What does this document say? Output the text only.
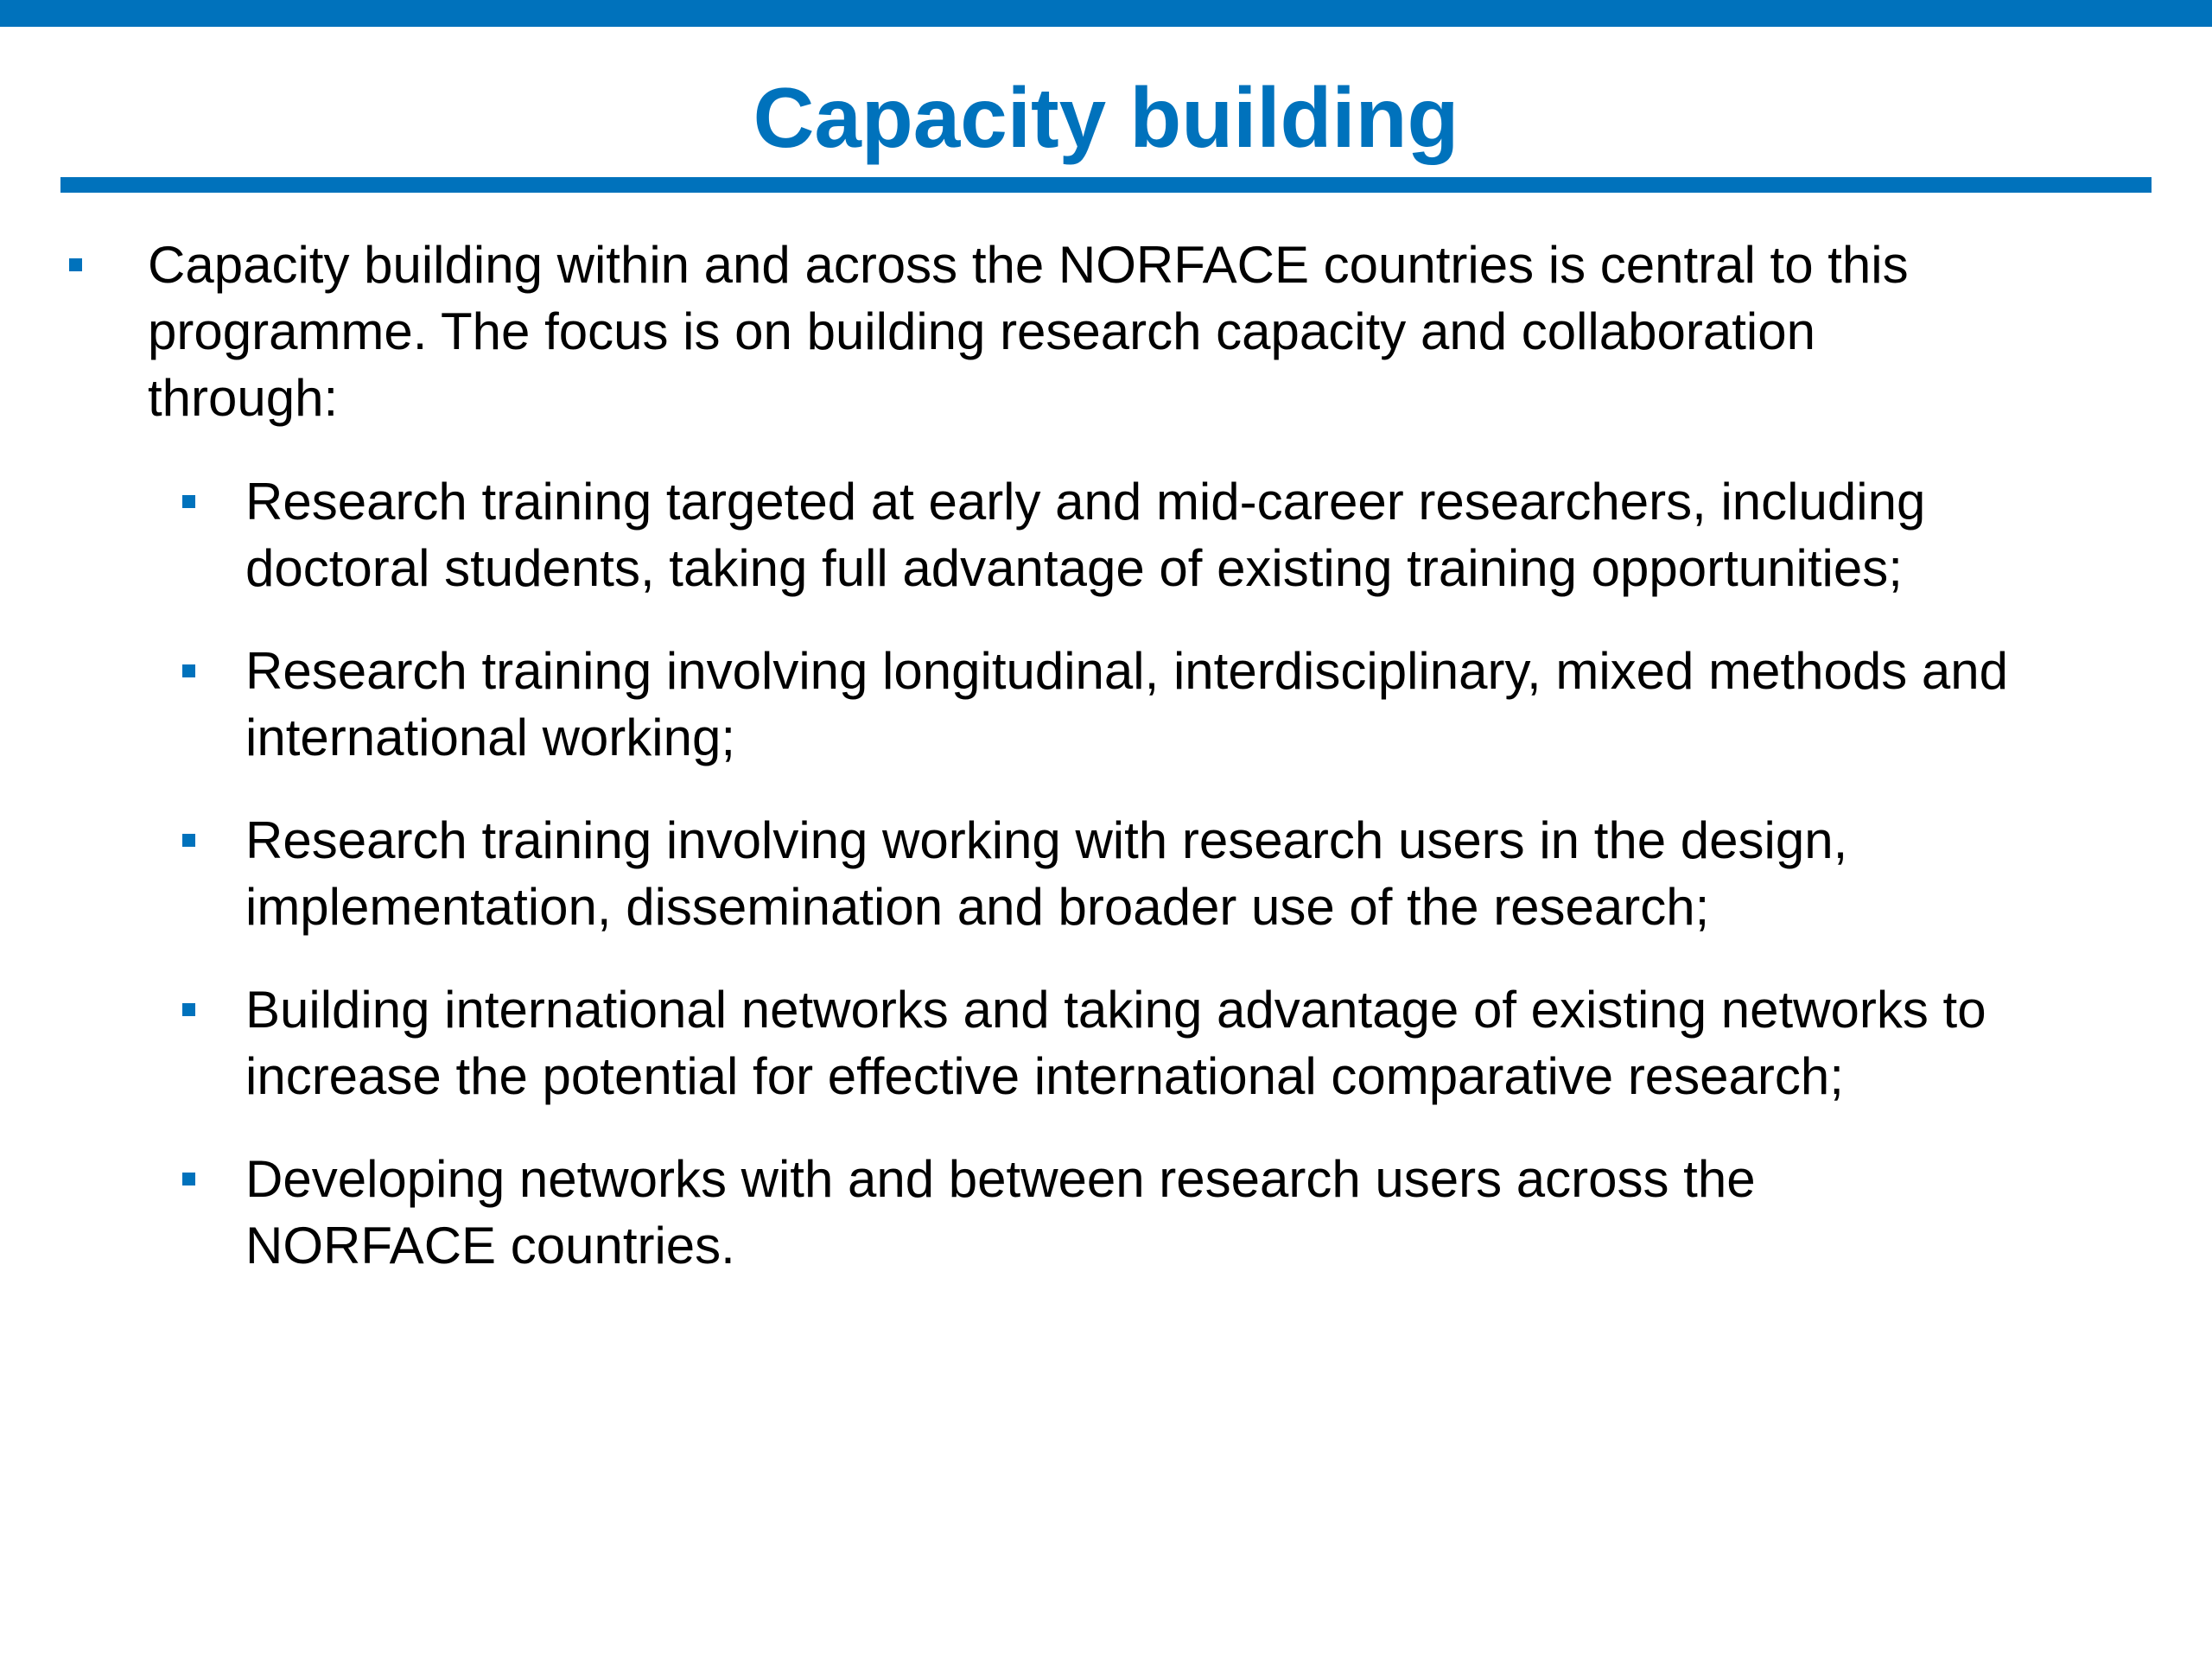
Capacity building
Capacity building within and across the NORFACE countries is central to this
programme. The focus is on building research capacity and collaboration
through:
Research training targeted at early and mid-career researchers, including
doctoral students, taking full advantage of existing training opportunities;
Research training involving longitudinal, interdisciplinary, mixed methods and
international working;
Research training involving working with research users in the design,
implementation, dissemination and broader use of the research;
Building international networks and taking advantage of existing networks to
increase the potential for effective international comparative research;
Developing networks with and between research users across the
NORFACE countries.
